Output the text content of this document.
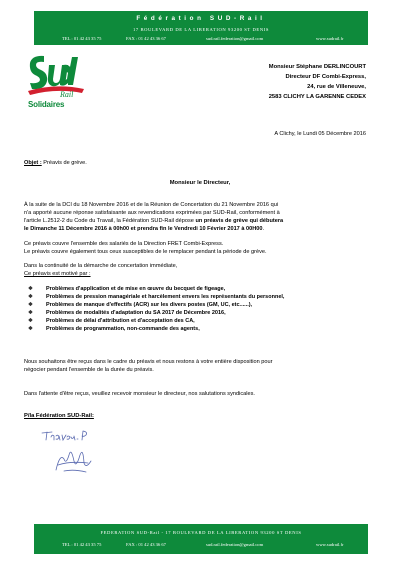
Fédération SUD-Rail
17 BOULEVARD DE LA LIBERATION 93200 ST DENIS
TEL : 01 42 43 35 75	FAX : 01 42 43 36 67	sud.rail.federation@gmail.com	www.sudrail.fr
Rail
Solidaires
Monsieur Stéphane DERLINCOURT
Directeur DF Combi-Express,
24, rue de Villeneuve,
2583 CLICHY LA GARENNE CEDEX
A Clichy, le Lundi 05 Décembre 2016
Objet : Préavis de grève.
Monsieur le Directeur,
À la suite de la DCI du 18 Novembre 2016 et de la Réunion de Concertation du 21 Novembre 2016 qui
n'a apporté aucune réponse satisfaisante aux revendications exprimées par SUD-Rail, conformément à
l'article L.2512-2 du Code du Travail, la Fédération SUD-Rail dépose un préavis de grève qui débutera
le Dimanche 11 Décembre 2016 à 00h00 et prendra fin le Vendredi 10 Février 2017 à 00H00.
Ce préavis couvre l'ensemble des salariés de la Direction FRET Combi-Express.
Le préavis couvre également tous ceux susceptibles de le remplacer pendant la période de grève.
Dans la continuité de la démarche de concertation immédiate,
Ce préavis est motivé par :
❖ Problèmes d'application et de mise en œuvre du becquet de figeage,
❖ Problèmes de pression managériale et harcèlement envers les représentants du personnel,
❖ Problèmes de manque d'effectifs (ACR) sur les divers postes (GM, UC, etc......),
❖ Problèmes de modalités d'adaptation du SA 2017 de Décembre 2016,
❖ Problèmes de délai d'attribution et d'acceptation des CA,
❖ Problèmes de programmation, non-commande des agents,
Nous souhaitons être reçus dans le cadre du préavis et nous restons à votre entière disposition pour
négocier pendant l'ensemble de la durée du préavis.
Dans l'attente d'être reçus, veuillez recevoir monsieur le directeur, nos salutations syndicales.
P/la Fédération SUD-Rail:
FEDERATION SUD-Rail - 17 BOULEVARD DE LA LIBERATION 93200 ST DENIS
TEL : 01 42 43 35 75	FAX : 01 42 43 36 67	sud.rail.federation@gmail.com	www.sudrail.fr
